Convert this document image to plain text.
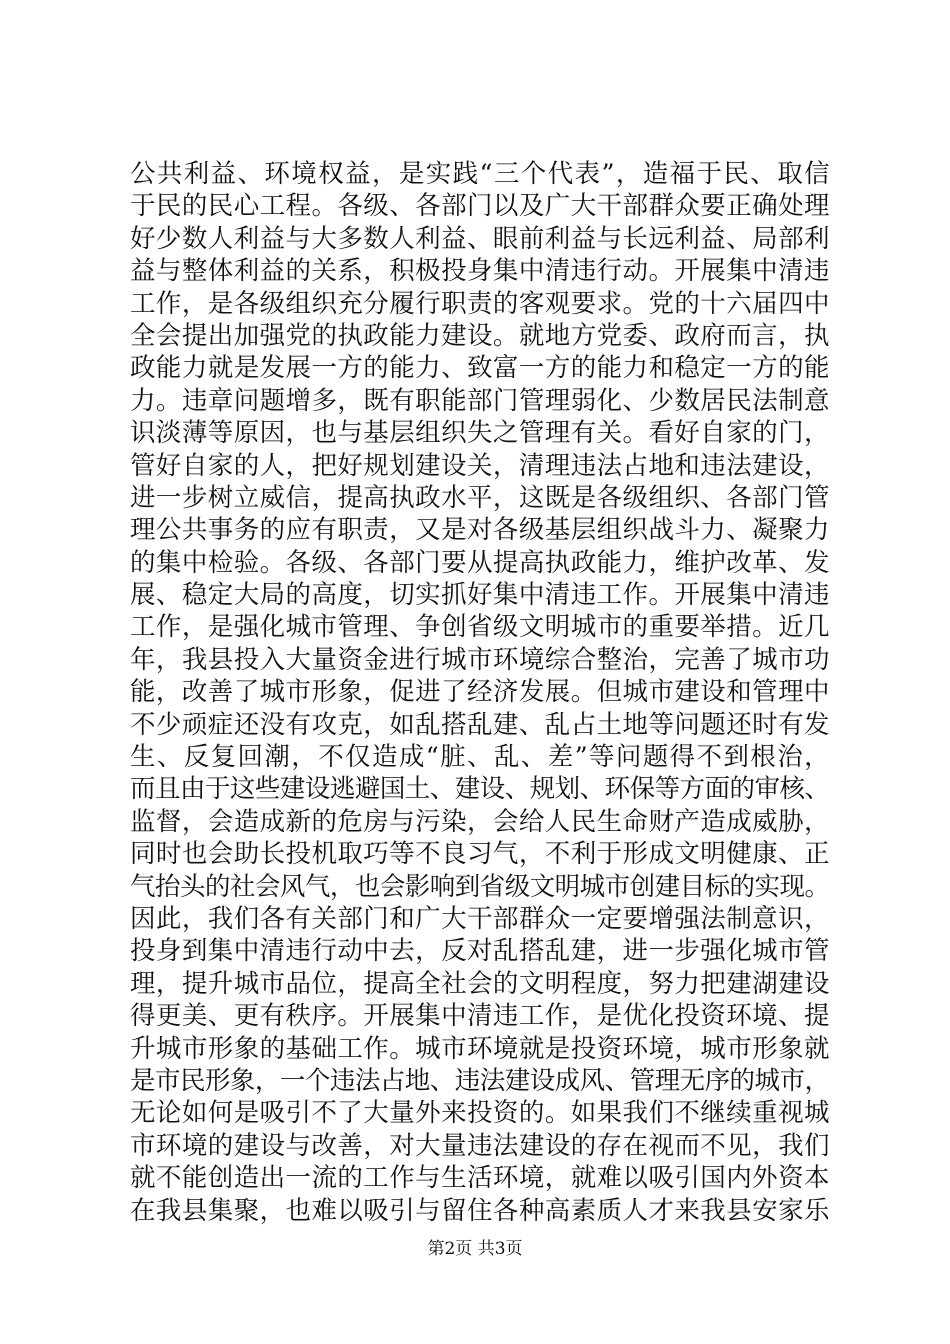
公共利益、环境权益，是实践“三个代表”，造福于民、取信
于民的民心工程。各级、各部门以及广大干部群众要正确处理
好少数人利益与大多数人利益、眼前利益与长远利益、局部利
益与整体利益的关系，积极投身集中清违行动。开展集中清违
工作，是各级组织充分履行职责的客观要求。党的十六届四中
全会提出加强党的执政能力建设。就地方党委、政府而言，执
政能力就是发展一方的能力、致富一方的能力和稳定一方的能
力。违章问题增多，既有职能部门管理弱化、少数居民法制意
识淡薄等原因，也与基层组织失之管理有关。看好自家的门，
管好自家的人，把好规划建设关，清理违法占地和违法建设，
进一步树立威信，提高执政水平，这既是各级组织、各部门管
理公共事务的应有职责，又是对各级基层组织战斗力、凝聚力
的集中检验。各级、各部门要从提高执政能力，维护改革、发
展、稳定大局的高度，切实抓好集中清违工作。开展集中清违
工作，是强化城市管理、争创省级文明城市的重要举措。近几
年，我县投入大量资金进行城市环境综合整治，完善了城市功
能，改善了城市形象，促进了经济发展。但城市建设和管理中
不少顽症还没有攻克，如乱搭乱建、乱占土地等问题还时有发
生、反复回潮，不仅造成“脏、乱、差”等问题得不到根治，
而且由于这些建设逃避国土、建设、规划、环保等方面的审核、
监督，会造成新的危房与污染，会给人民生命财产造成威胁，
同时也会助长投机取巧等不良习气，不利于形成文明健康、正
气抬头的社会风气，也会影响到省级文明城市创建目标的实现。
因此，我们各有关部门和广大干部群众一定要增强法制意识，
投身到集中清违行动中去，反对乱搭乱建，进一步强化城市管
理，提升城市品位，提高全社会的文明程度，努力把建湖建设
得更美、更有秩序。开展集中清违工作，是优化投资环境、提
升城市形象的基础工作。城市环境就是投资环境，城市形象就
是市民形象，一个违法占地、违法建设成风、管理无序的城市，
无论如何是吸引不了大量外来投资的。如果我们不继续重视城
市环境的建设与改善，对大量违法建设的存在视而不见，我们
就不能创造出一流的工作与生活环境，就难以吸引国内外资本
在我县集聚，也难以吸引与留住各种高素质人才来我县安家乐
第2页 共3页
